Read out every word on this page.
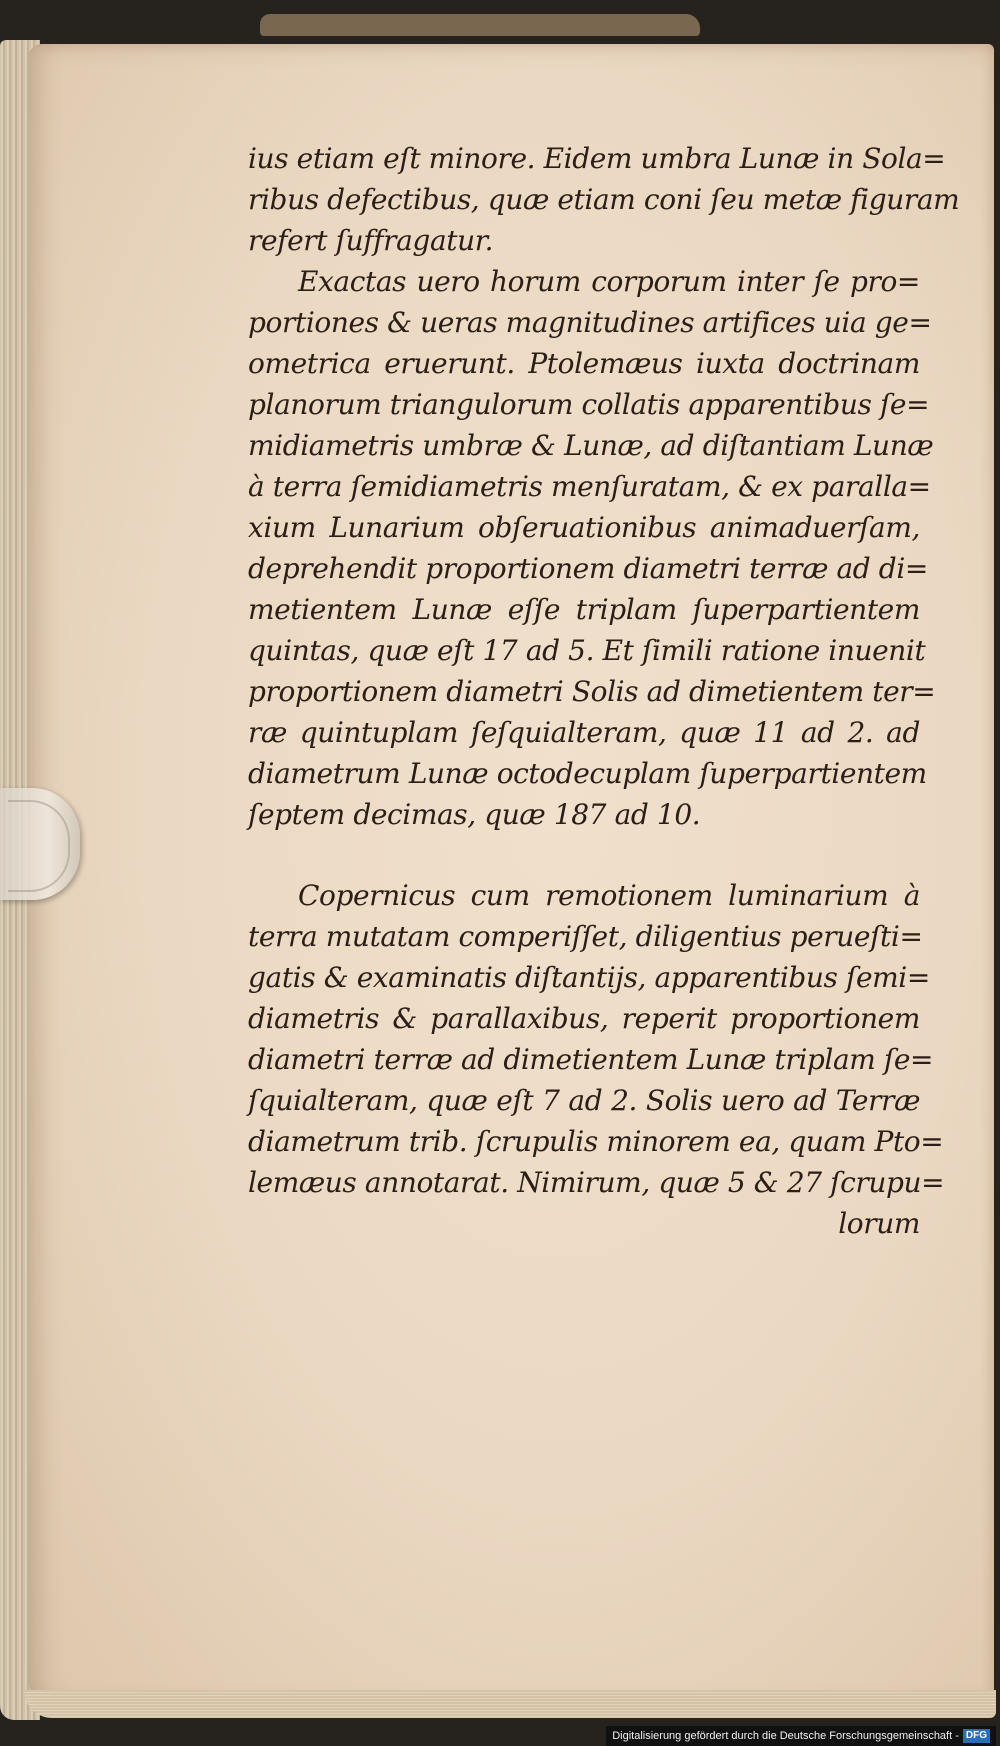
ius etiam eſt minore. Eidem umbra Lunæ in Sola=
ribus defectibus, quæ etiam coni ſeu metæ figuram
refert ſuffragatur.
Exactas uero horum corporum inter ſe pro=
portiones & ueras magnitudines artifices uia ge=
ometrica eruerunt. Ptolemæus iuxta doctrinam
planorum triangulorum collatis apparentibus ſe=
midiametris umbræ & Lunæ, ad diſtantiam Lunæ
à terra ſemidiametris menſuratam, & ex paralla=
xium Lunarium obſeruationibus animaduerſam,
deprehendit proportionem diametri terræ ad di=
metientem Lunæ eſſe triplam ſuperpartientem
quintas, quæ eſt 17 ad 5. Et ſimili ratione inuenit
proportionem diametri Solis ad dimetientem ter=
ræ quintuplam ſeſquialteram, quæ 11 ad 2. ad
diametrum Lunæ octodecuplam ſuperpartientem
ſeptem decimas, quæ 187 ad 10.
Copernicus cum remotionem luminarium à
terra mutatam comperiſſet, diligentius perueſti=
gatis & examinatis diſtantijs, apparentibus ſemi=
diametris & parallaxibus, reperit proportionem
diametri terræ ad dimetientem Lunæ triplam ſe=
ſquialteram, quæ eſt 7 ad 2. Solis uero ad Terræ
diametrum trib. ſcrupulis minorem ea, quam Pto=
lemæus annotarat. Nimirum, quæ 5 & 27 ſcrupu=
lorum
Digitalisierung gefördert durch die Deutsche Forschungsgemeinschaft - DFG
